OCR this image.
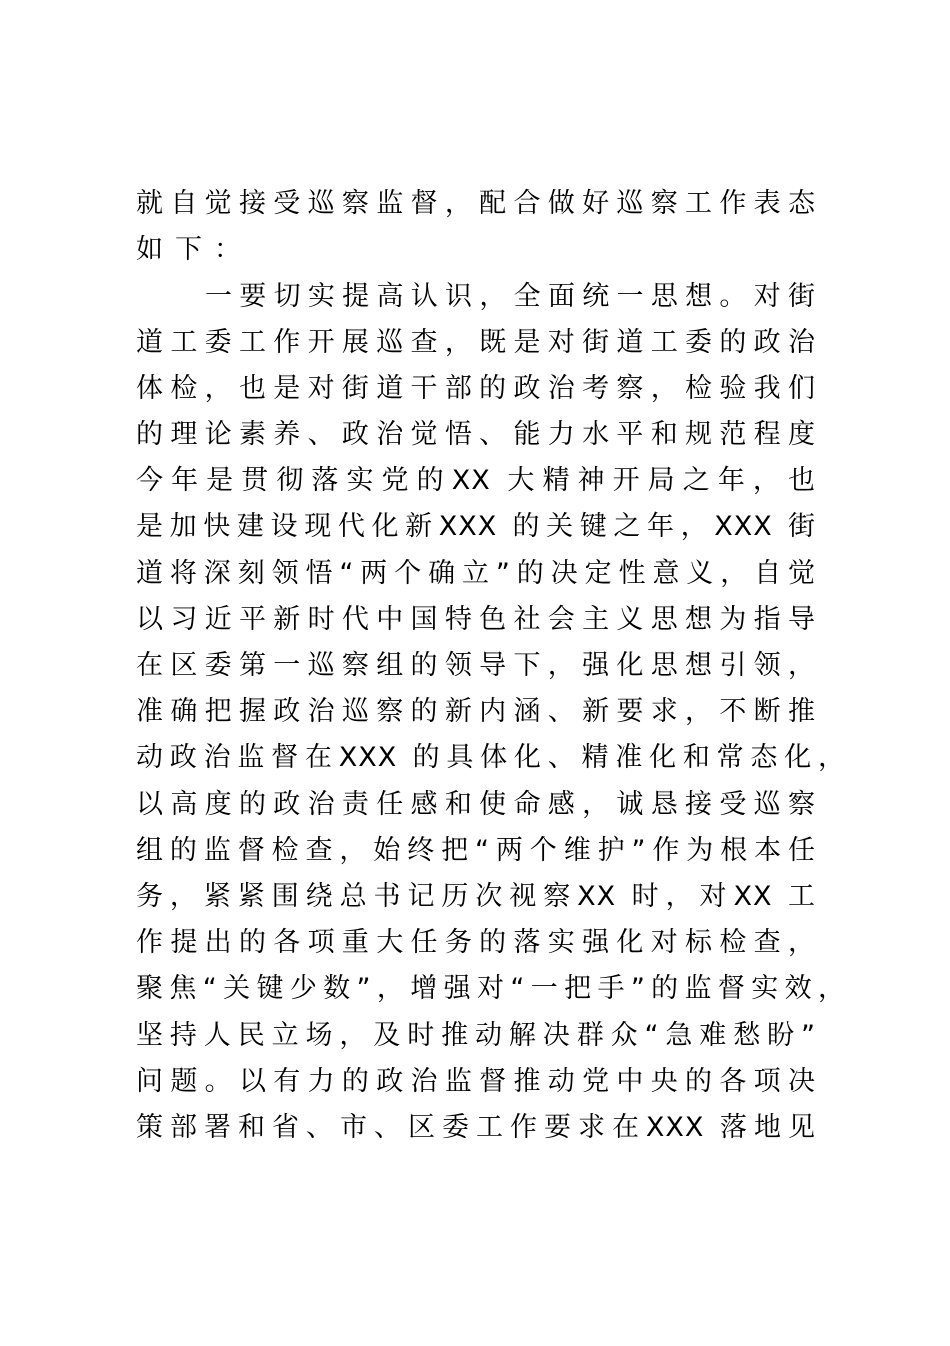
就自觉接受巡察监督，配合做好巡察工作表态
如下：
一要切实提高认识，全面统一思想。对街
道工委工作开展巡查，既是对街道工委的政治
体检，也是对街道干部的政治考察，检验我们
的理论素养、政治觉悟、能力水平和规范程度
今年是贯彻落实党的XX 大精神开局之年，也
是加快建设现代化新XXX 的关键之年，XXX 街
道将深刻领悟“两个确立”的决定性意义，自觉
以习近平新时代中国特色社会主义思想为指导
在区委第一巡察组的领导下，强化思想引领，
准确把握政治巡察的新内涵、新要求，不断推
动政治监督在XXX 的具体化、精准化和常态化，
以高度的政治责任感和使命感，诚恳接受巡察
组的监督检查，始终把“两个维护”作为根本任
务，紧紧围绕总书记历次视察XX 时，对XX 工
作提出的各项重大任务的落实强化对标检查，
聚焦“关键少数”，增强对“一把手”的监督实效，
坚持人民立场，及时推动解决群众“急难愁盼”
问题。以有力的政治监督推动党中央的各项决
策部署和省、市、区委工作要求在XXX 落地见
